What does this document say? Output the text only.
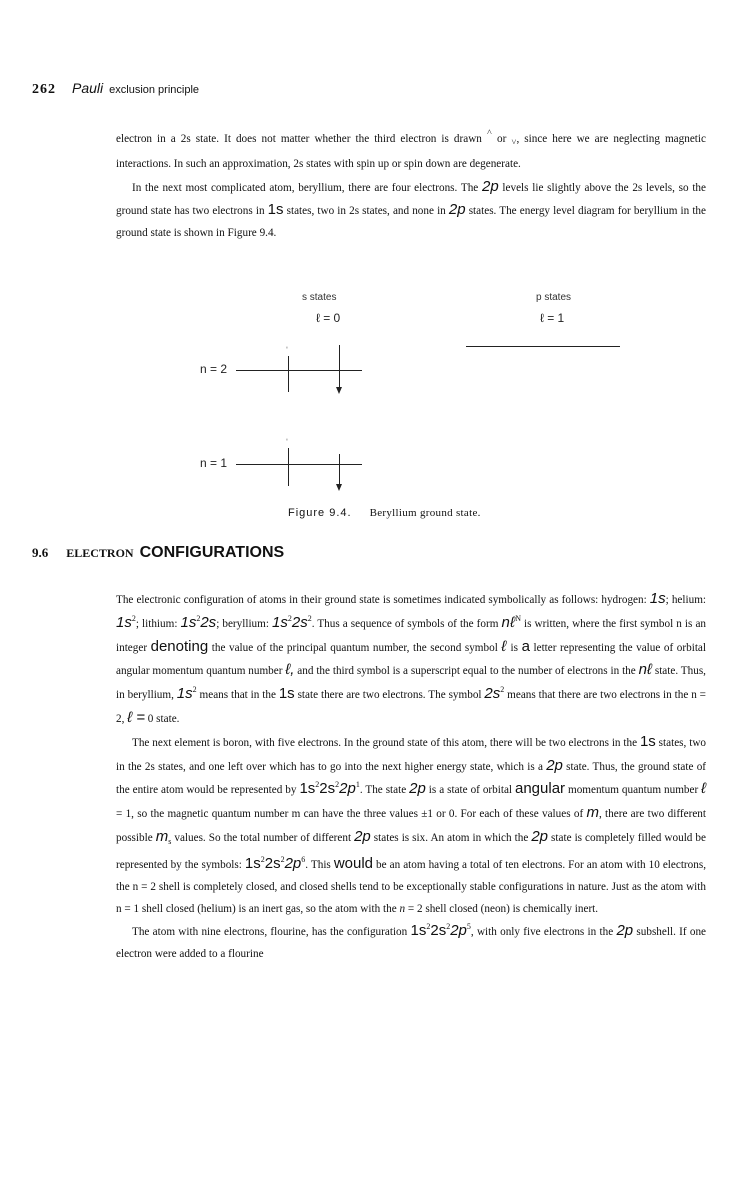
262 Pauli exclusion principle

electron in a 2s state. It does not matter whether the third electron is drawn ˄ or $_˅$, since here we are neglecting magnetic interactions. In such an approximation, 2s states with spin up or spin down are degenerate.

In the next most complicated atom, beryllium, there are four electrons. The 2p levels lie slightly above the 2s levels, so the ground state has two electrons in 1s states, two in 2s states, and none in 2p states. The energy level diagram for beryllium in the ground state is shown in Figure 9.4.

s states	p states
ℓ = 0	ℓ = 1
n = 2
ˈ
n = 1
ˈ
Figure 9.4. Beryllium ground state.
9.6 ELECTRON CONFIGURATIONS

The electronic configuration of atoms in their ground state is sometimes indicated symbolically as follows: hydrogen: 1s; helium: $1s^2$; lithium: $1s^22s$; beryllium: $1s^22s^2$. Thus a sequence of symbols of the form nℓ$^N$ is written, where the first symbol n is an integer denoting the value of the principal quantum number, the second symbol ℓ is a letter representing the value of orbital angular momentum quantum number ℓ, and the third symbol is a superscript equal to the number of electrons in the nℓ state. Thus, in beryllium, $1s^2$ means that in the 1s state there are two electrons. The symbol $2s^2$ means that there are two electrons in the n = 2, ℓ = 0 state.

The next element is boron, with five electrons. In the ground state of this atom, there will be two electrons in the 1s states, two in the 2s states, and one left over which has to go into the next higher energy state, which is a 2p state. Thus, the ground state of the entire atom would be represented by $1s^22s^22p^1$. The state 2p is a state of orbital angular momentum quantum number ℓ = 1, so the magnetic quantum number m can have the three values ±1 or 0. For each of these values of m, there are two different possible $m_s$ values. So the total number of different 2p states is six. An atom in which the 2p state is completely filled would be represented by the symbols: $1s^22s^22p^6$. This would be an atom having a total of ten electrons. For an atom with 10 electrons, the n = 2 shell is completely closed, and closed shells tend to be exceptionally stable configurations in nature. Just as the atom with n = 1 shell closed (helium) is an inert gas, so the atom with the n = 2 shell closed (neon) is chemically inert.

The atom with nine electrons, flourine, has the configuration $1s^22s^22p^5$, with only five electrons in the 2p subshell. If one electron were added to a flourine
